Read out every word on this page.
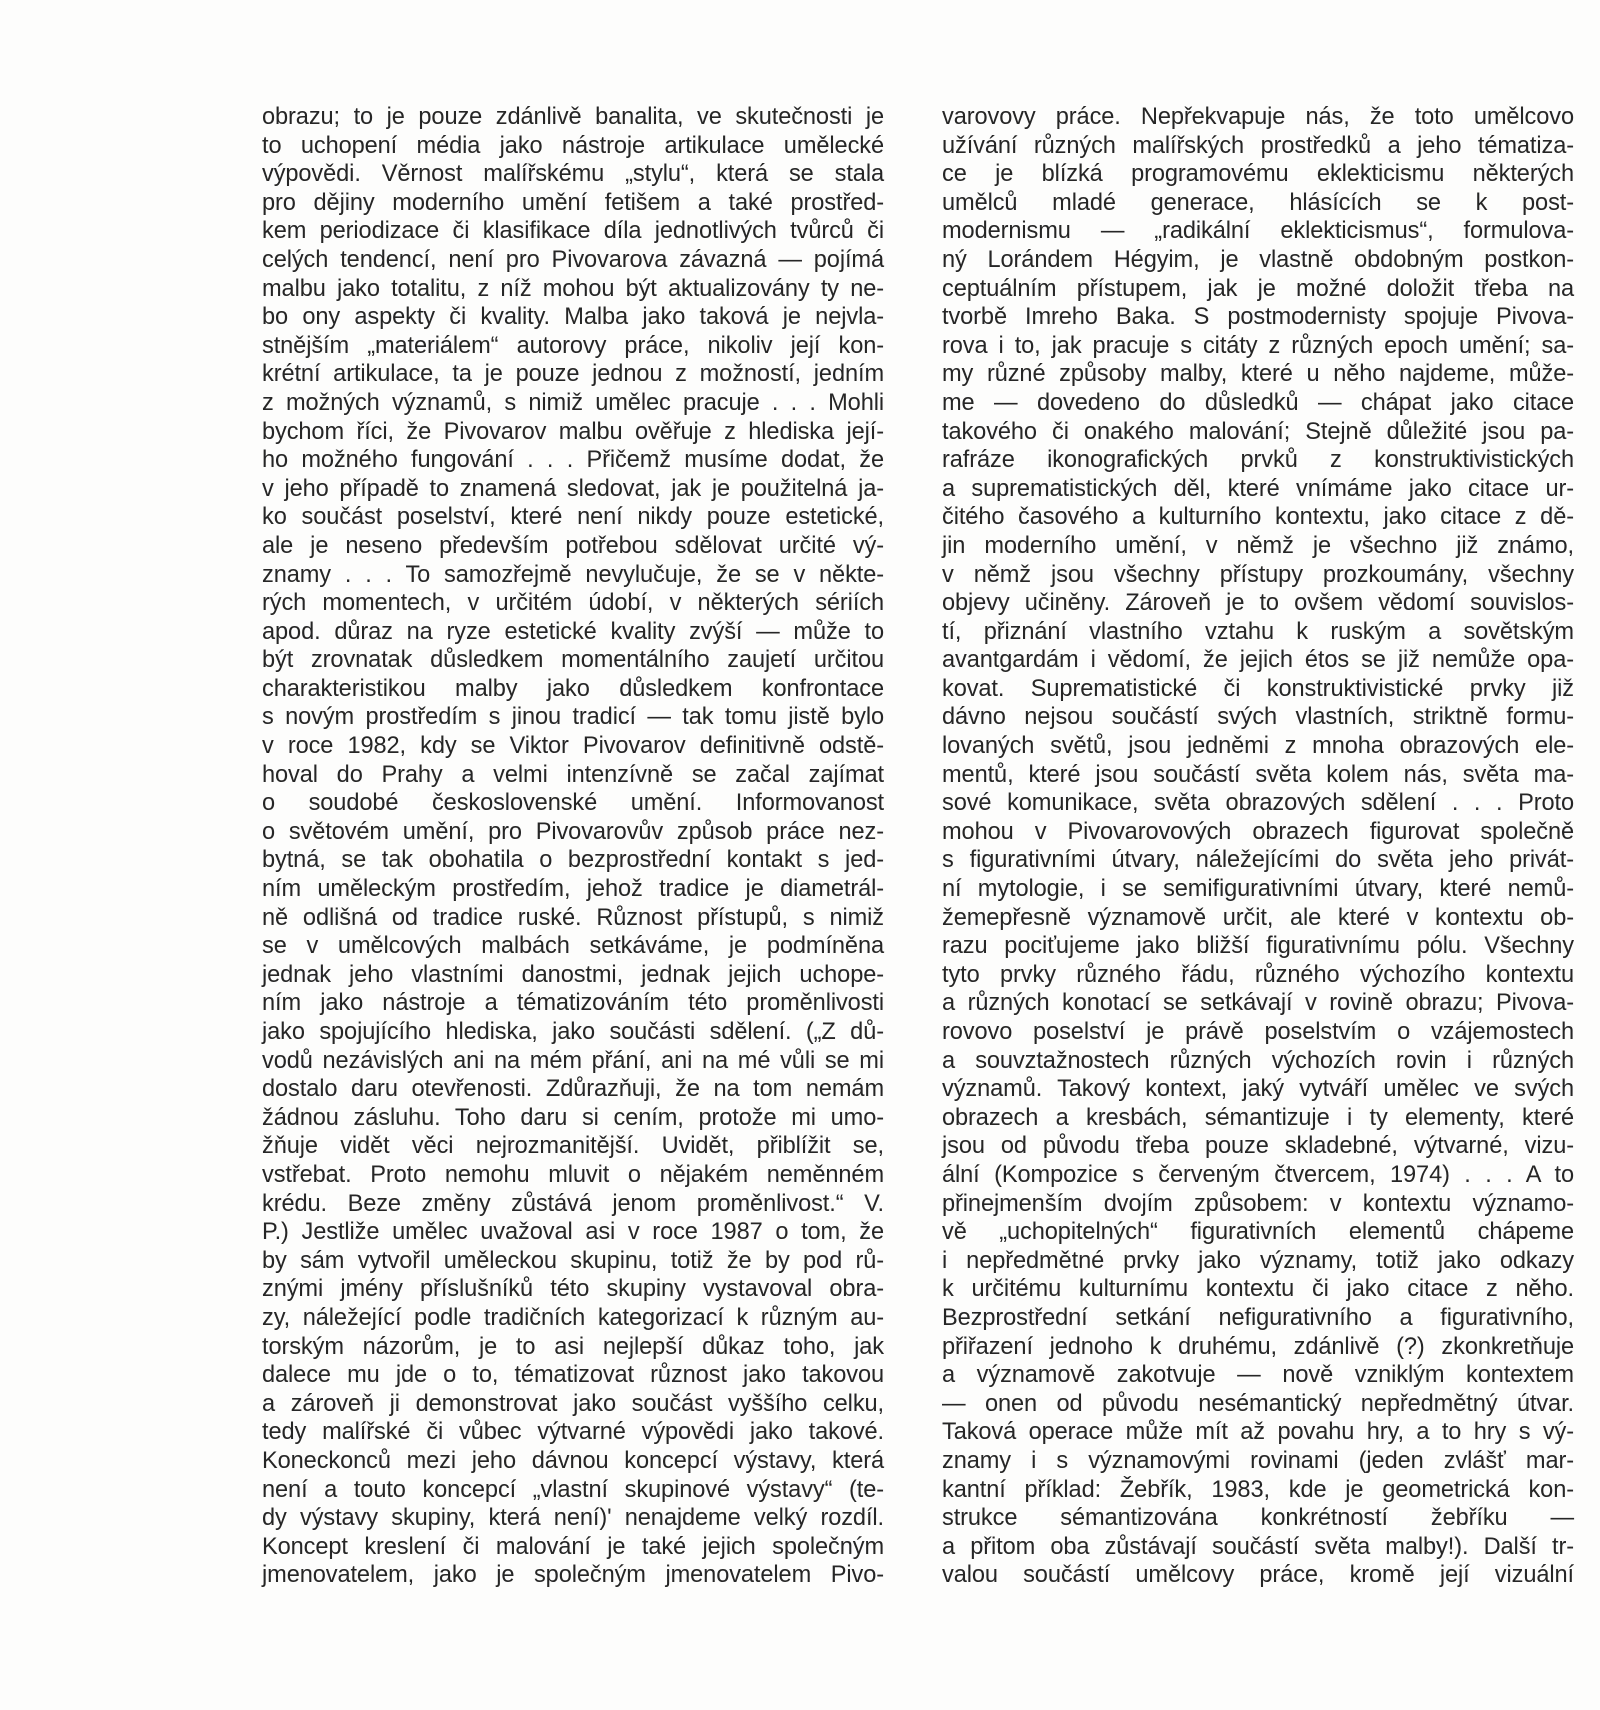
obrazu; to je pouze zdánlivě banalita, ve skutečnosti je
to uchopení média jako nástroje artikulace umělecké
výpovědi. Věrnost malířskému „stylu“, která se stala
pro dějiny moderního umění fetišem a také prostřed-
kem periodizace či klasifikace díla jednotlivých tvůrců či
celých tendencí, není pro Pivovarova závazná — pojímá
malbu jako totalitu, z níž mohou být aktualizovány ty ne-
bo ony aspekty či kvality. Malba jako taková je nejvla-
stnějším „materiálem“ autorovy práce, nikoliv její kon-
krétní artikulace, ta je pouze jednou z možností, jedním
z možných významů, s nimiž umělec pracuje . . . Mohli
bychom říci, že Pivovarov malbu ověřuje z hlediska její-
ho možného fungování . . . Přičemž musíme dodat, že
v jeho případě to znamená sledovat, jak je použitelná ja-
ko součást poselství, které není nikdy pouze estetické,
ale je neseno především potřebou sdělovat určité vý-
znamy . . . To samozřejmě nevylučuje, že se v někte-
rých momentech, v určitém údobí, v některých sériích
apod. důraz na ryze estetické kvality zvýší — může to
být zrovnatak důsledkem momentálního zaujetí určitou
charakteristikou malby jako důsledkem konfrontace
s novým prostředím s jinou tradicí — tak tomu jistě bylo
v roce 1982, kdy se Viktor Pivovarov definitivně odstě-
hoval do Prahy a velmi intenzívně se začal zajímat
o soudobé československé umění. Informovanost
o světovém umění, pro Pivovarovův způsob práce nez-
bytná, se tak obohatila o bezprostřední kontakt s jed-
ním uměleckým prostředím, jehož tradice je diametrál-
ně odlišná od tradice ruské. Různost přístupů, s nimiž
se v umělcových malbách setkáváme, je podmíněna
jednak jeho vlastními danostmi, jednak jejich uchope-
ním jako nástroje a tématizováním této proměnlivosti
jako spojujícího hlediska, jako součásti sdělení. („Z dů-
vodů nezávislých ani na mém přání, ani na mé vůli se mi
dostalo daru otevřenosti. Zdůrazňuji, že na tom nemám
žádnou zásluhu. Toho daru si cením, protože mi umo-
žňuje vidět věci nejrozmanitější. Uvidět, přiblížit se,
vstřebat. Proto nemohu mluvit o nějakém neměnném
krédu. Beze změny zůstává jenom proměnlivost.“ V.
P.) Jestliže umělec uvažoval asi v roce 1987 o tom, že
by sám vytvořil uměleckou skupinu, totiž že by pod rů-
znými jmény příslušníků této skupiny vystavoval obra-
zy, náležející podle tradičních kategorizací k různým au-
torským názorům, je to asi nejlepší důkaz toho, jak
dalece mu jde o to, tématizovat různost jako takovou
a zároveň ji demonstrovat jako součást vyššího celku,
tedy malířské či vůbec výtvarné výpovědi jako takové.
Koneckonců mezi jeho dávnou koncepcí výstavy, která
není a touto koncepcí „vlastní skupinové výstavy“ (te-
dy výstavy skupiny, která není)' nenajdeme velký rozdíl.
Koncept kreslení či malování je také jejich společným
jmenovatelem, jako je společným jmenovatelem Pivo-
varovovy práce. Nepřekvapuje nás, že toto umělcovo
užívání různých malířských prostředků a jeho tématiza-
ce je blízká programovému eklekticismu některých
umělců mladé generace, hlásících se k post-
modernismu — „radikální eklekticismus“, formulova-
ný Lorándem Hégyim, je vlastně obdobným postkon-
ceptuálním přístupem, jak je možné doložit třeba na
tvorbě Imreho Baka. S postmodernisty spojuje Pivova-
rova i to, jak pracuje s citáty z různých epoch umění; sa-
my různé způsoby malby, které u něho najdeme, může-
me — dovedeno do důsledků — chápat jako citace
takového či onakého malování; Stejně důležité jsou pa-
rafráze ikonografických prvků z konstruktivistických
a suprematistických děl, které vnímáme jako citace ur-
čitého časového a kulturního kontextu, jako citace z dě-
jin moderního umění, v němž je všechno již známo,
v němž jsou všechny přístupy prozkoumány, všechny
objevy učiněny. Zároveň je to ovšem vědomí souvislos-
tí, přiznání vlastního vztahu k ruským a sovětským
avantgardám i vědomí, že jejich étos se již nemůže opa-
kovat. Suprematistické či konstruktivistické prvky již
dávno nejsou součástí svých vlastních, striktně formu-
lovaných světů, jsou jedněmi z mnoha obrazových ele-
mentů, které jsou součástí světa kolem nás, světa ma-
sové komunikace, světa obrazových sdělení . . . Proto
mohou v Pivovarovových obrazech figurovat společně
s figurativními útvary, náležejícími do světa jeho privát-
ní mytologie, i se semifigurativními útvary, které nemů-
žemepřesně významově určit, ale které v kontextu ob-
razu pociťujeme jako bližší figurativnímu pólu. Všechny
tyto prvky různého řádu, různého výchozího kontextu
a různých konotací se setkávají v rovině obrazu; Pivova-
rovovo poselství je právě poselstvím o vzájemostech
a souvztažnostech různých výchozích rovin i různých
významů. Takový kontext, jaký vytváří umělec ve svých
obrazech a kresbách, sémantizuje i ty elementy, které
jsou od původu třeba pouze skladebné, výtvarné, vizu-
ální (Kompozice s červeným čtvercem, 1974) . . . A to
přinejmenším dvojím způsobem: v kontextu významo-
vě „uchopitelných“ figurativních elementů chápeme
i nepředmětné prvky jako významy, totiž jako odkazy
k určitému kulturnímu kontextu či jako citace z něho.
Bezprostřední setkání nefigurativního a figurativního,
přiřazení jednoho k druhému, zdánlivě (?) zkonkretňuje
a významově zakotvuje — nově vzniklým kontextem
— onen od původu nesémantický nepředmětný útvar.
Taková operace může mít až povahu hry, a to hry s vý-
znamy i s významovými rovinami (jeden zvlášť mar-
kantní příklad: Žebřík, 1983, kde je geometrická kon-
strukce sémantizována konkrétností žebříku —
a přitom oba zůstávají součástí světa malby!). Další tr-
valou součástí umělcovy práce, kromě její vizuální
